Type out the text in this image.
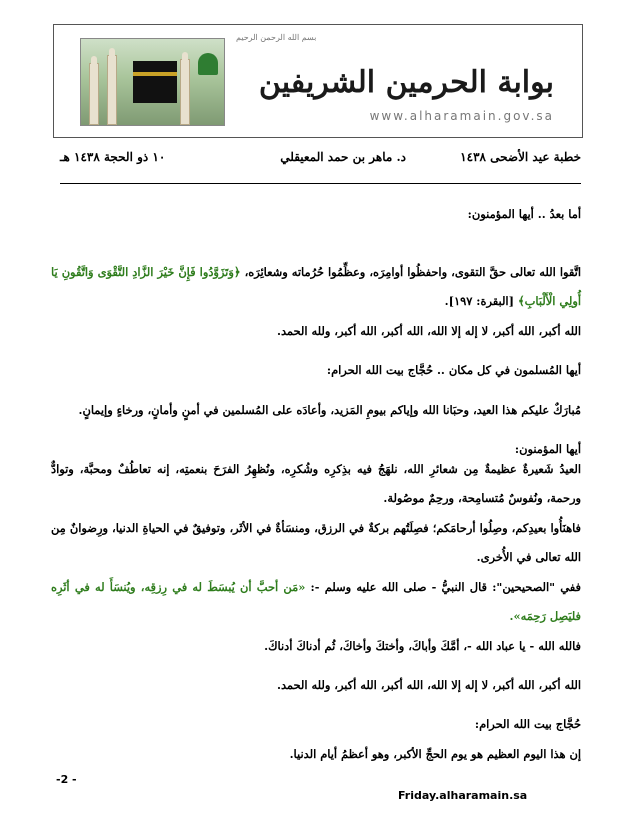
بسم الله الرحمن الرحيم
بوابة الحرمين الشريفين
www.alharamain.gov.sa
خطبة عيد الأضحى ١٤٣٨
د. ماهر بن حمد المعيقلي
١٠ ذو الحجة ١٤٣٨ هـ

أما بعدُ .. أيها المؤمنون:

اتَّقوا الله تعالى حقَّ التقوى، واحفظُوا أوامِرَه، وعظِّمُوا حُرُماته وشعائِرَه، ﴿وَتَزَوَّدُوا فَإِنَّ خَيْرَ الزَّادِ التَّقْوَى وَاتَّقُونِ يَا أُولِي الْأَلْبَابِ﴾ [البقرة: ١٩٧].

الله أكبر، الله أكبر، لا إله إلا الله، الله أكبر، الله أكبر، ولله الحمد.

أيها المُسلمون في كل مكان .. حُجَّاج بيت الله الحرام:

مُبارَكٌ عليكم هذا العيد، وحبَانا الله وإياكم بيومِ المَزيد، وأعادَه على المُسلمين في أمنٍ وأمانٍ، ورخاءٍ وإيمانٍ.

أيها المؤمنون:

العيدُ شَعيرةٌ عظيمةٌ مِن شعائرِ الله، نلهَجُ فيه بذِكرِه وشُكرِه، ونُظهِرُ الفرَحَ بنعمتِه، إنه تعاطُفٌ ومحبَّة، وتوادٌّ ورحمة، ونُفوسٌ مُتسامِحة، ورحِمٌ موصُولة.

فاهنَأُوا بعيدِكم، وصِلُوا أرحامَكم؛ فصِلَتُهم بركةٌ في الرزق، ومنسَأةٌ في الأثَر، وتوفيقٌ في الحياةِ الدنيا، ورِضوانٌ مِن الله تعالى في الأُخرى.

ففي "الصحيحين": قال النبيُّ - صلى الله عليه وسلم -: «مَن أحبَّ أن يُبسَطَ له في رِزقِه، ويُنسَأَ له في أثَرِه فليَصِل رَحِمَه».

فالله الله - يا عباد الله -، أمَّكَ وأباكَ، وأختكَ وأخاكَ، ثُم أدناكَ أدناكَ.

الله أكبر، الله أكبر، لا إله إلا الله، الله أكبر، الله أكبر، ولله الحمد.

حُجَّاج بيت الله الحرام:

إن هذا اليوم العظيم هو يوم الحجِّ الأكبر، وهو أعظمُ أيام الدنيا.

-2 -
Friday.alharamain.sa
